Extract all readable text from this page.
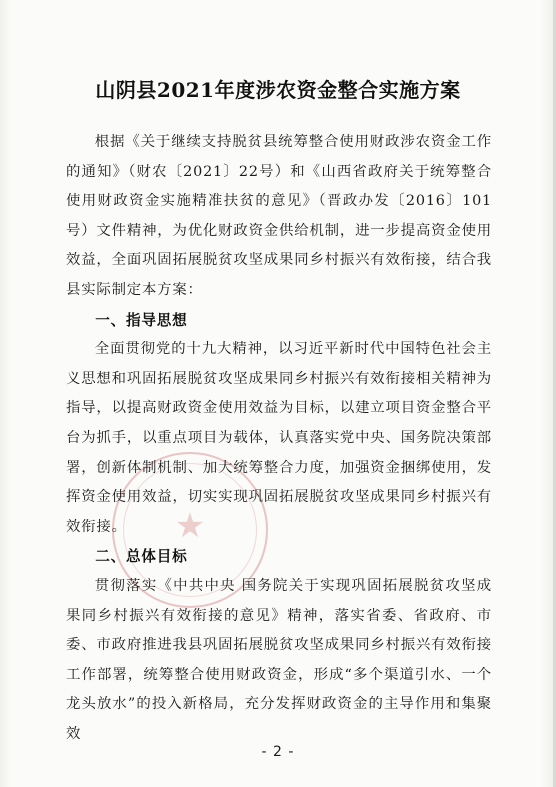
★
山阴县2021年度涉农资金整合实施方案

根据《关于继续支持脱贫县统筹整合使用财政涉农资金工作的通知》（财农〔2021〕22号）和《山西省政府关于统筹整合使用财政资金实施精准扶贫的意见》（晋政办发〔2016〕101号）文件精神，为优化财政资金供给机制，进一步提高资金使用效益，全面巩固拓展脱贫攻坚成果同乡村振兴有效衔接，结合我县实际制定本方案：

一、指导思想

全面贯彻党的十九大精神，以习近平新时代中国特色社会主义思想和巩固拓展脱贫攻坚成果同乡村振兴有效衔接相关精神为指导，以提高财政资金使用效益为目标，以建立项目资金整合平台为抓手，以重点项目为载体，认真落实党中央、国务院决策部署，创新体制机制、加大统筹整合力度，加强资金捆绑使用，发挥资金使用效益，切实实现巩固拓展脱贫攻坚成果同乡村振兴有效衔接。

二、总体目标

贯彻落实《中共中央 国务院关于实现巩固拓展脱贫攻坚成果同乡村振兴有效衔接的意见》精神，落实省委、省政府、市委、市政府推进我县巩固拓展脱贫攻坚成果同乡村振兴有效衔接工作部署，统筹整合使用财政资金，形成“多个渠道引水、一个龙头放水”的投入新格局，充分发挥财政资金的主导作用和集聚效

- 2 -
